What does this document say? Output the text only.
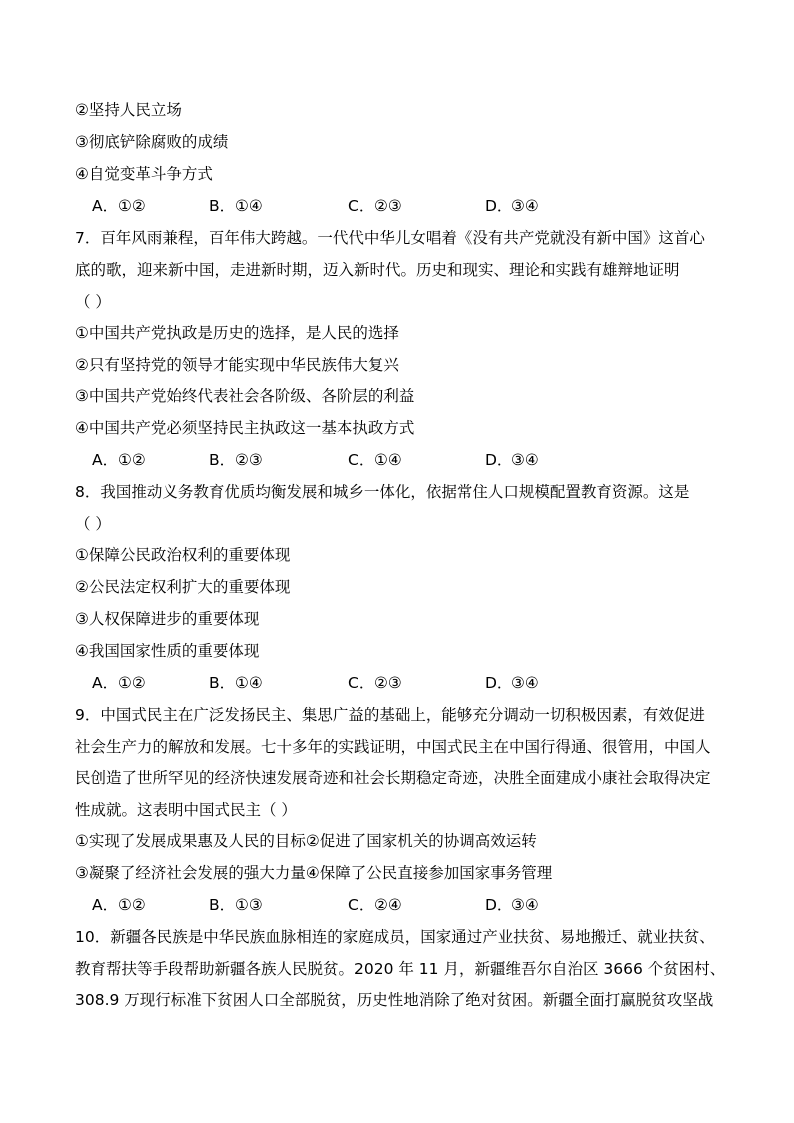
②坚持人民立场
③彻底铲除腐败的成绩
④自觉变革斗争方式
A．①②	B．①④	C．②③	D．③④
7．百年风雨兼程，百年伟大跨越。一代代中华儿女唱着《没有共产党就没有新中国》这首心
底的歌，迎来新中国，走进新时期，迈入新时代。历史和现实、理论和实践有雄辩地证明
（ ）
①中国共产党执政是历史的选择，是人民的选择
②只有坚持党的领导才能实现中华民族伟大复兴
③中国共产党始终代表社会各阶级、各阶层的利益
④中国共产党必须坚持民主执政这一基本执政方式
A．①②	B．②③	C．①④	D．③④
8．我国推动义务教育优质均衡发展和城乡一体化，依据常住人口规模配置教育资源。这是
（ ）
①保障公民政治权利的重要体现
②公民法定权利扩大的重要体现
③人权保障进步的重要体现
④我国国家性质的重要体现
A．①②	B．①④	C．②③	D．③④
9．中国式民主在广泛发扬民主、集思广益的基础上，能够充分调动一切积极因素，有效促进
社会生产力的解放和发展。七十多年的实践证明，中国式民主在中国行得通、很管用，中国人
民创造了世所罕见的经济快速发展奇迹和社会长期稳定奇迹，决胜全面建成小康社会取得决定
性成就。这表明中国式民主（ ）
①实现了发展成果惠及人民的目标②促进了国家机关的协调高效运转
③凝聚了经济社会发展的强大力量④保障了公民直接参加国家事务管理
A．①②	B．①③	C．②④	D．③④
10．新疆各民族是中华民族血脉相连的家庭成员，国家通过产业扶贫、易地搬迁、就业扶贫、
教育帮扶等手段帮助新疆各族人民脱贫。2020 年 11 月，新疆维吾尔自治区 3666 个贫困村、
308.9 万现行标准下贫困人口全部脱贫，历史性地消除了绝对贫困。新疆全面打赢脱贫攻坚战
